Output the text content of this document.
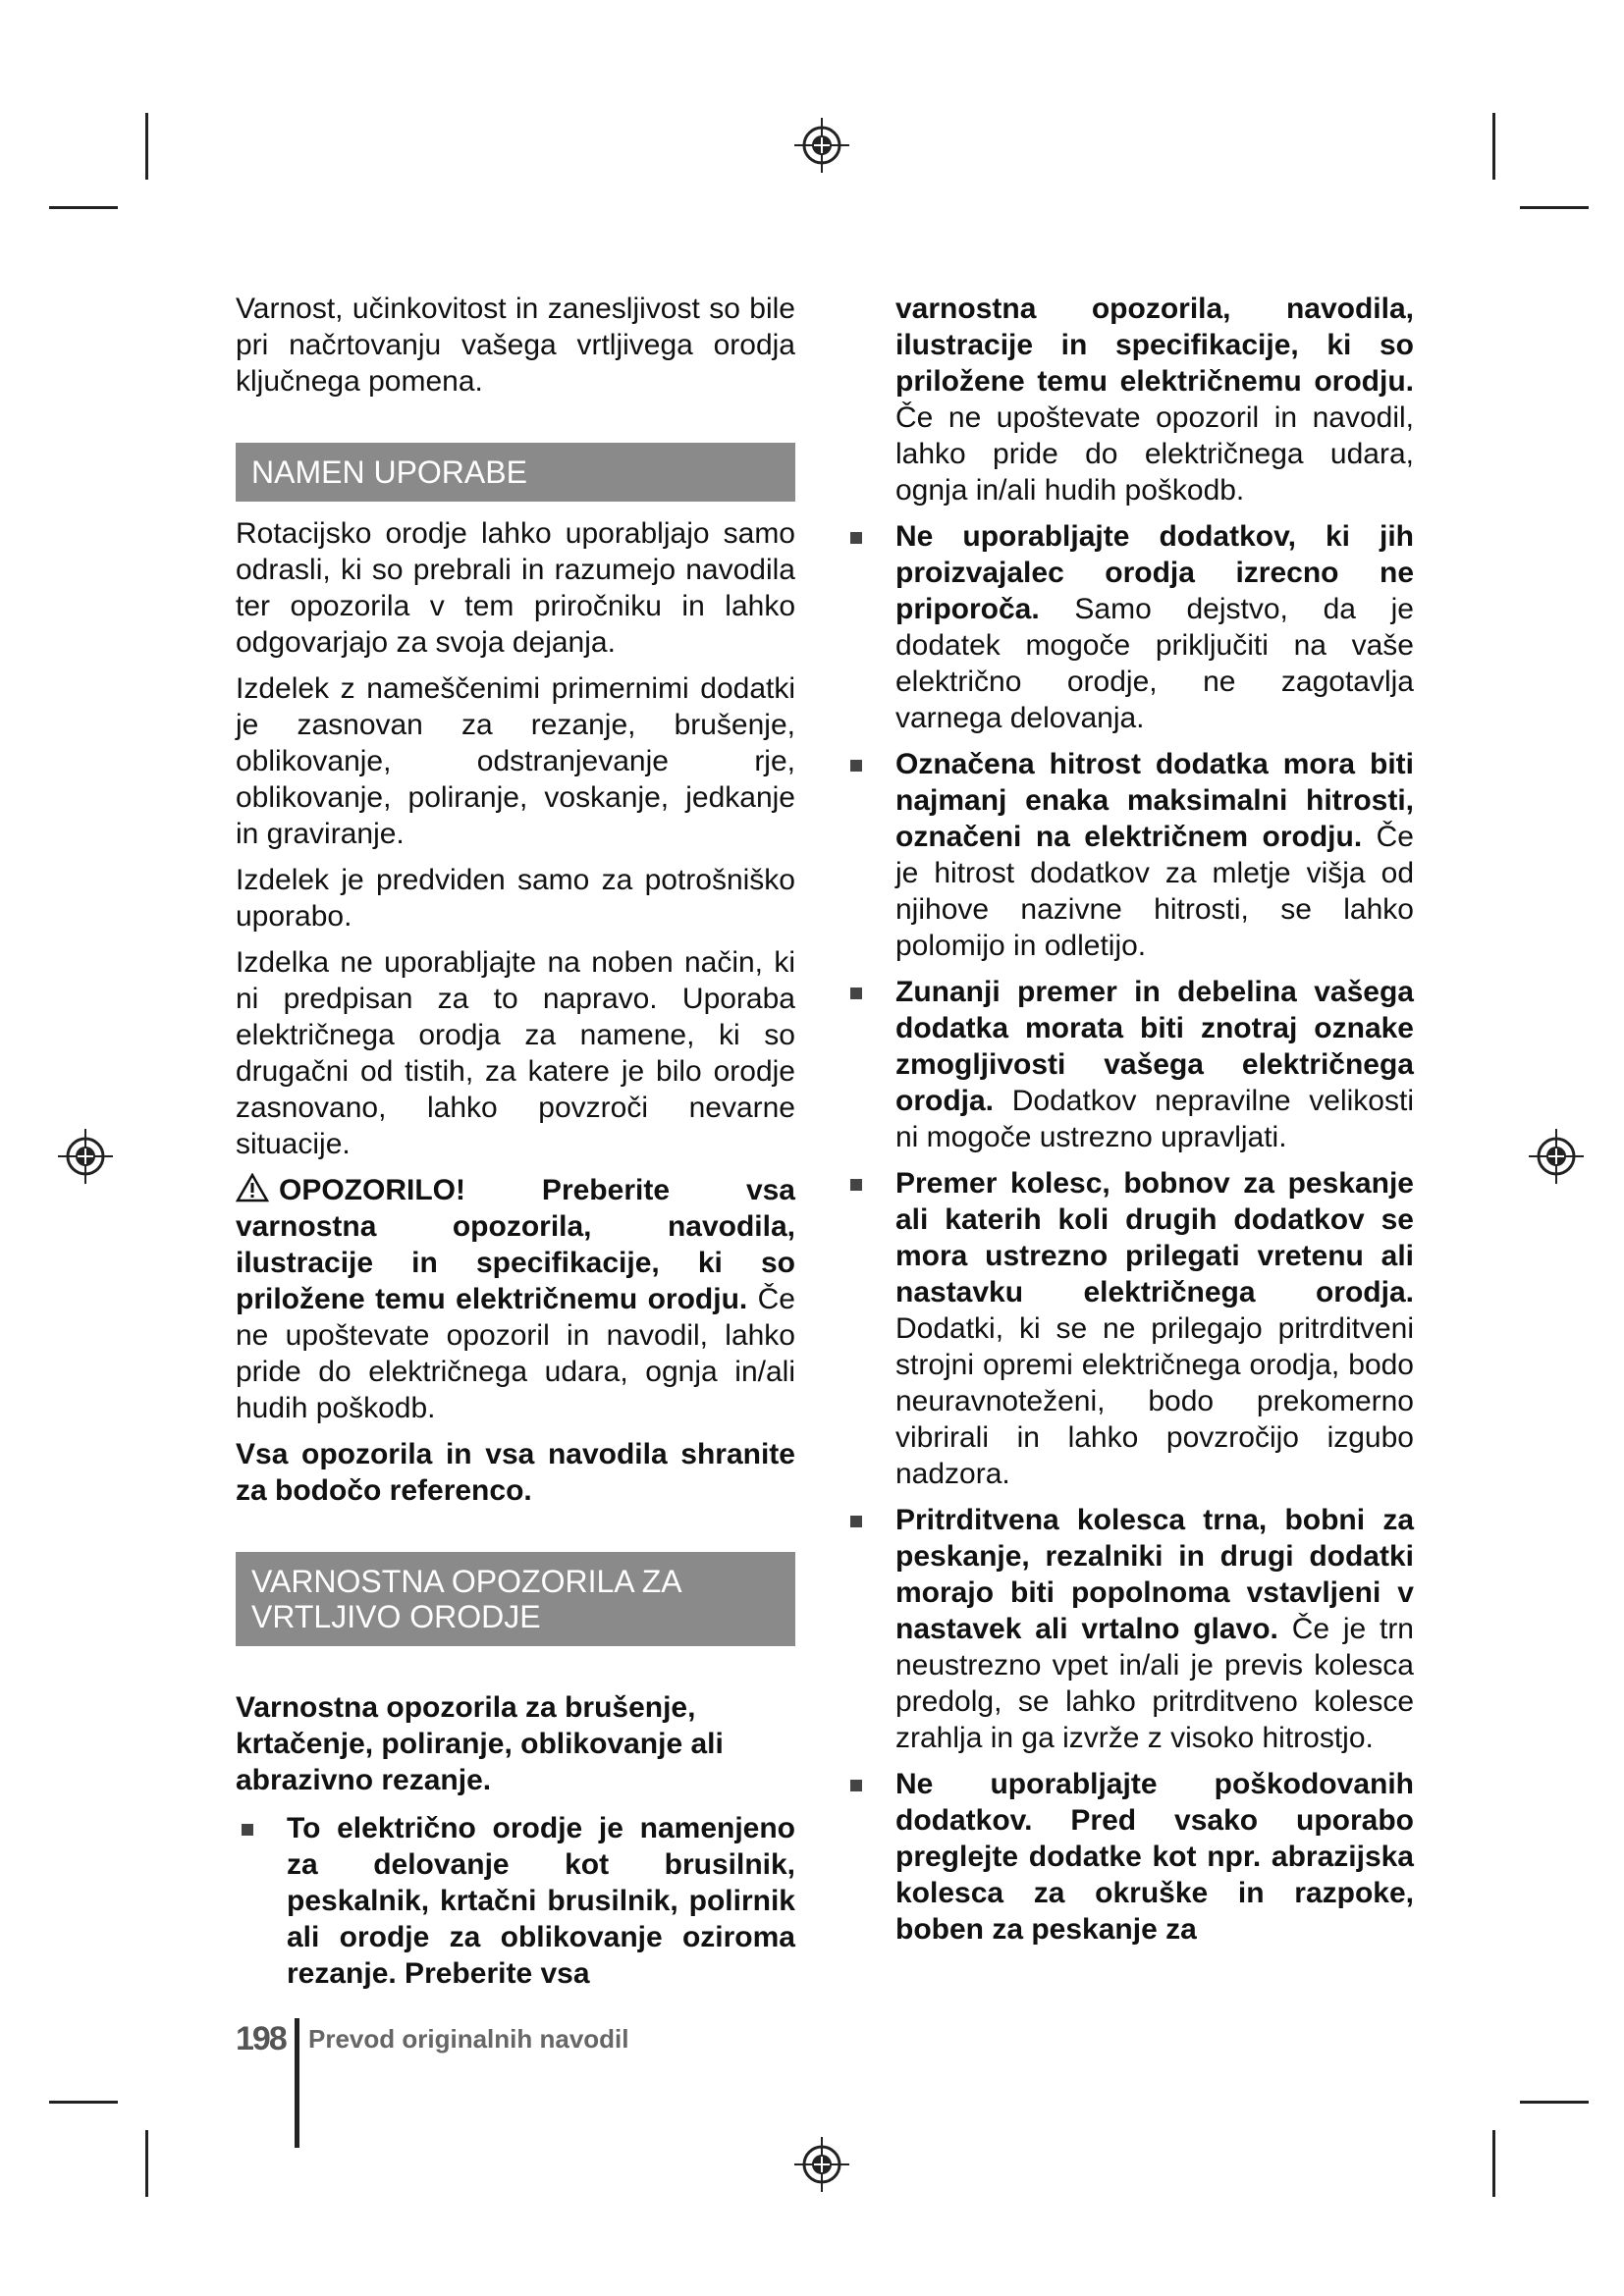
Varnost, učinkovitost in zanesljivost so bile pri načrtovanju vašega vrtljivega orodja ključnega pomena.

NAMEN UPORABE

Rotacijsko orodje lahko uporabljajo samo odrasli, ki so prebrali in razumejo navodila ter opozorila v tem priročniku in lahko odgovarjajo za svoja dejanja.

Izdelek z nameščenimi primernimi dodatki je zasnovan za rezanje, brušenje, oblikovanje, odstranjevanje rje, oblikovanje, poliranje, voskanje, jedkanje in graviranje.

Izdelek je predviden samo za potrošniško uporabo.

Izdelka ne uporabljajte na noben način, ki ni predpisan za to napravo. Uporaba električnega orodja za namene, ki so drugačni od tistih, za katere je bilo orodje zasnovano, lahko povzroči nevarne situacije.

OPOZORILO! Preberite vsa varnostna opozorila, navodila, ilustracije in specifikacije, ki so priložene temu električnemu orodju. Če ne upoštevate opozoril in navodil, lahko pride do električnega udara, ognja in/ali hudih poškodb.

Vsa opozorila in vsa navodila shranite za bodočo referenco.

VARNOSTNA OPOZORILA ZA VRTLJIVO ORODJE
Varnostna opozorila za brušenje, krtačenje, poliranje, oblikovanje ali abrazivno rezanje.
To električno orodje je namenjeno za delovanje kot brusilnik, peskalnik, krtačni brusilnik, polirnik ali orodje za oblikovanje oziroma rezanje. Preberite vsa

varnostna opozorila, navodila, ilustracije in specifikacije, ki so priložene temu električnemu orodju. Če ne upoštevate opozoril in navodil, lahko pride do električnega udara, ognja in/ali hudih poškodb.

Ne uporabljajte dodatkov, ki jih proizvajalec orodja izrecno ne priporoča. Samo dejstvo, da je dodatek mogoče priključiti na vaše električno orodje, ne zagotavlja varnega delovanja.
Označena hitrost dodatka mora biti najmanj enaka maksimalni hitrosti, označeni na električnem orodju. Če je hitrost dodatkov za mletje višja od njihove nazivne hitrosti, se lahko polomijo in odletijo.
Zunanji premer in debelina vašega dodatka morata biti znotraj oznake zmogljivosti vašega električnega orodja. Dodatkov nepravilne velikosti ni mogoče ustrezno upravljati.
Premer kolesc, bobnov za peskanje ali katerih koli drugih dodatkov se mora ustrezno prilegati vretenu ali nastavku električnega orodja. Dodatki, ki se ne prilegajo pritrditveni strojni opremi električnega orodja, bodo neuravnoteženi, bodo prekomerno vibrirali in lahko povzročijo izgubo nadzora.
Pritrditvena kolesca trna, bobni za peskanje, rezalniki in drugi dodatki morajo biti popolnoma vstavljeni v nastavek ali vrtalno glavo. Če je trn neustrezno vpet in/ali je previs kolesca predolg, se lahko pritrditveno kolesce zrahlja in ga izvrže z visoko hitrostjo.
Ne uporabljajte poškodovanih dodatkov. Pred vsako uporabo preglejte dodatke kot npr. abrazijska kolesca za okruške in razpoke, boben za peskanje za
198 Prevod originalnih navodil
